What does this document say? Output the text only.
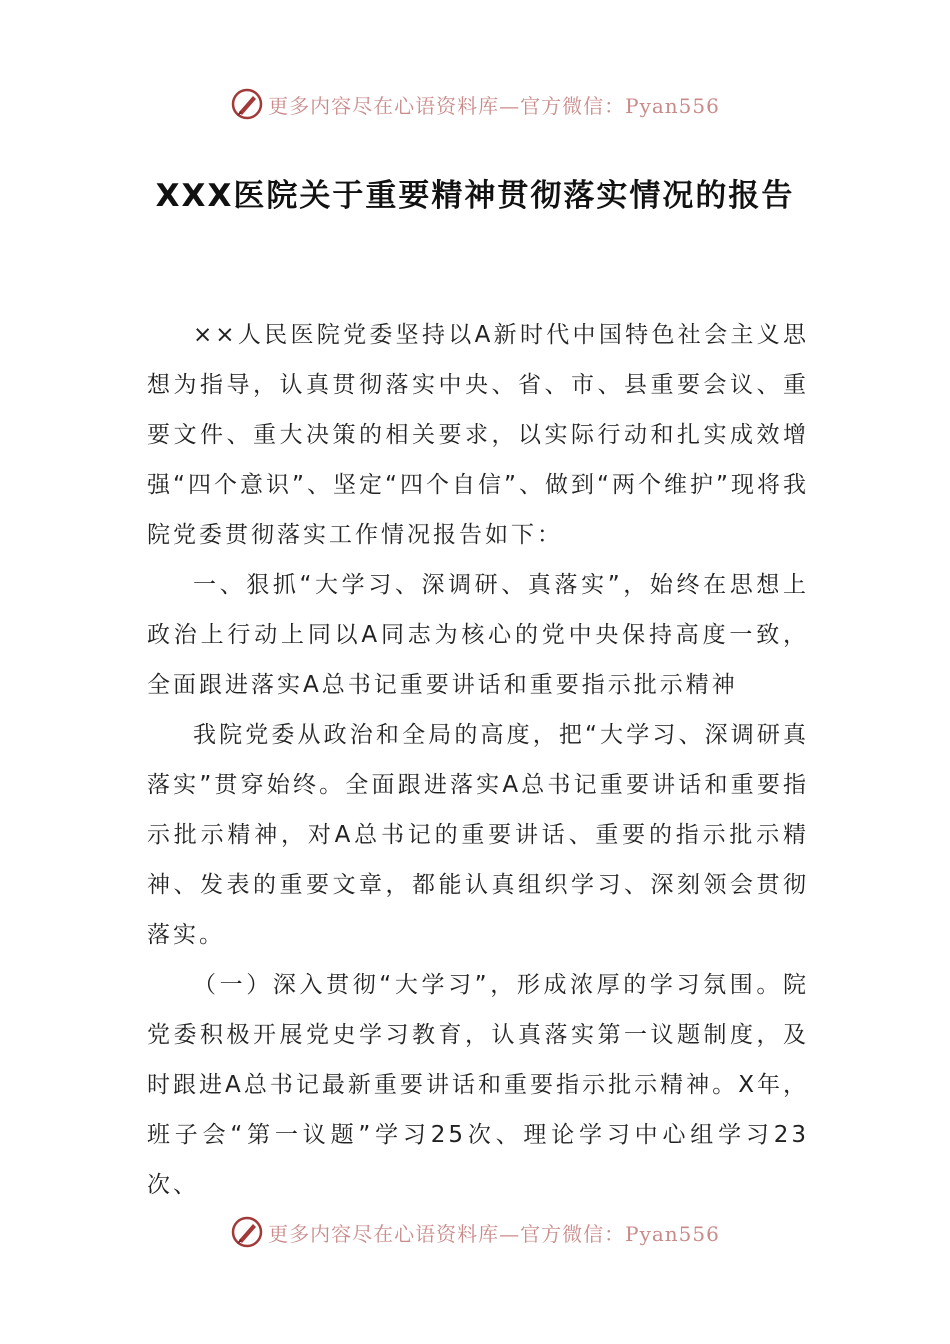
更多内容尽在心语资料库—官方微信：Pyan556
XXX医院关于重要精神贯彻落实情况的报告

××人民医院党委坚持以A新时代中国特色社会主义思想为指导，认真贯彻落实中央、省、市、县重要会议、重要文件、重大决策的相关要求，以实际行动和扎实成效增强“四个意识”、坚定“四个自信”、做到“两个维护”现将我院党委贯彻落实工作情况报告如下：

一、狠抓“大学习、深调研、真落实”，始终在思想上政治上行动上同以A同志为核心的党中央保持高度一致，全面跟进落实A总书记重要讲话和重要指示批示精神

我院党委从政治和全局的高度，把“大学习、深调研真落实”贯穿始终。全面跟进落实A总书记重要讲话和重要指示批示精神，对A总书记的重要讲话、重要的指示批示精神、发表的重要文章，都能认真组织学习、深刻领会贯彻落实。

（一）深入贯彻“大学习”，形成浓厚的学习氛围。院党委积极开展党史学习教育，认真落实第一议题制度，及时跟进A总书记最新重要讲话和重要指示批示精神。X年，班子会“第一议题”学习25次、理论学习中心组学习23次、

更多内容尽在心语资料库—官方微信：Pyan556
